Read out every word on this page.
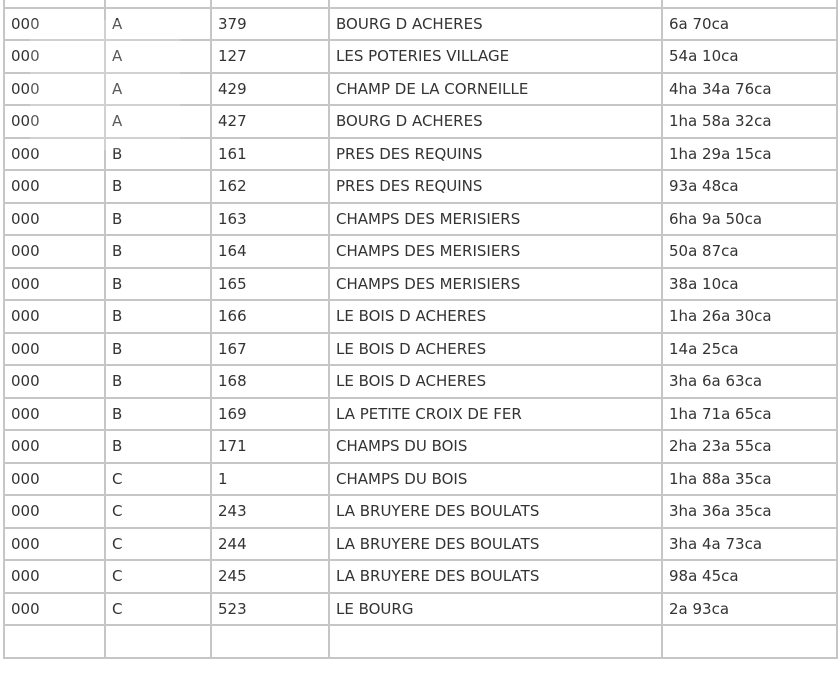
000	A	379	BOURG D ACHERES	6a 70ca
000	A	127	LES POTERIES VILLAGE	54a 10ca
000	A	429	CHAMP DE LA CORNEILLE	4ha 34a 76ca
000	A	427	BOURG D ACHERES	1ha 58a 32ca
000	B	161	PRES DES REQUINS	1ha 29a 15ca
000	B	162	PRES DES REQUINS	93a 48ca
000	B	163	CHAMPS DES MERISIERS	6ha 9a 50ca
000	B	164	CHAMPS DES MERISIERS	50a 87ca
000	B	165	CHAMPS DES MERISIERS	38a 10ca
000	B	166	LE BOIS D ACHERES	1ha 26a 30ca
000	B	167	LE BOIS D ACHERES	14a 25ca
000	B	168	LE BOIS D ACHERES	3ha 6a 63ca
000	B	169	LA PETITE CROIX DE FER	1ha 71a 65ca
000	B	171	CHAMPS DU BOIS	2ha 23a 55ca
000	C	1	CHAMPS DU BOIS	1ha 88a 35ca
000	C	243	LA BRUYERE DES BOULATS	3ha 36a 35ca
000	C	244	LA BRUYERE DES BOULATS	3ha 4a 73ca
000	C	245	LA BRUYERE DES BOULATS	98a 45ca
000	C	523	LE BOURG	2a 93ca
